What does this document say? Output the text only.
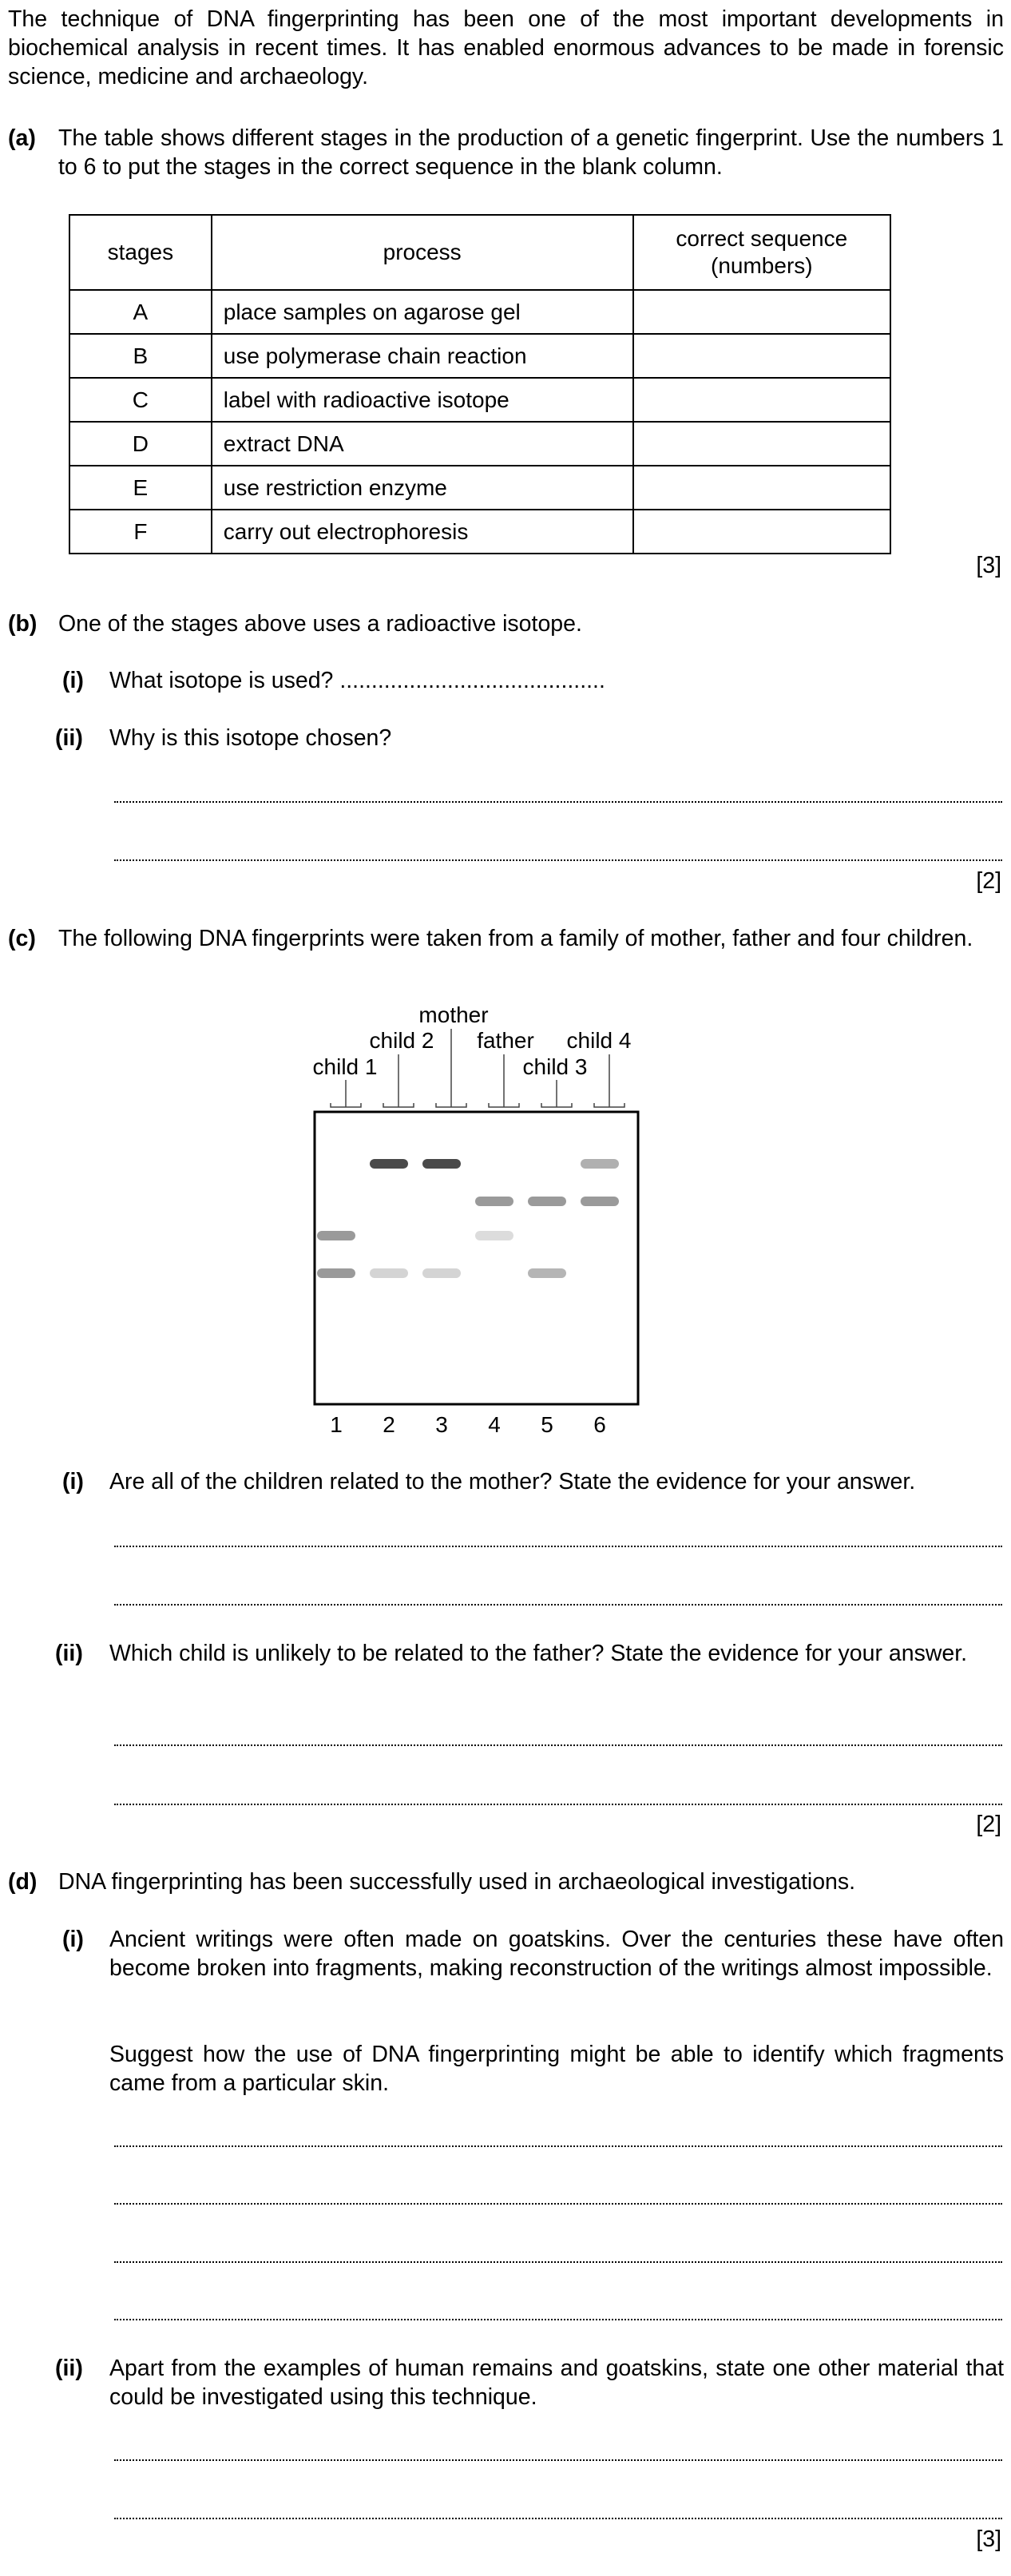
The technique of DNA fingerprinting has been one of the most important developments in biochemical analysis in recent times. It has enabled enormous advances to be made in forensic science, medicine and archaeology.

(a) The table shows different stages in the production of a genetic fingerprint. Use the numbers 1 to 6 to put the stages in the correct sequence in the blank column.

stages	process	correct sequence
(numbers)
A	place samples on agarose gel	
B	use polymerase chain reaction	
C	label with radioactive isotope	
D	extract DNA	
E	use restriction enzyme	
F	carry out electrophoresis	
[3]
(b) One of the stages above uses a radioactive isotope.

(i) What isotope is used? ..........................................

(ii) Why is this isotope chosen?

[2]
(c) The following DNA fingerprints were taken from a family of mother, father and four children.

mother
child 2 father child 4
child 1	child 3
1 2 3 4 5 6
(i) Are all of the children related to the mother? State the evidence for your answer.

(ii) Which child is unlikely to be related to the father? State the evidence for your answer.

[2]
(d) DNA fingerprinting has been successfully used in archaeological investigations.

(i) Ancient writings were often made on goatskins. Over the centuries these have often become broken into fragments, making reconstruction of the writings almost impossible.

Suggest how the use of DNA fingerprinting might be able to identify which fragments came from a particular skin.

(ii) Apart from the examples of human remains and goatskins, state one other material that could be investigated using this technique.

[3]
